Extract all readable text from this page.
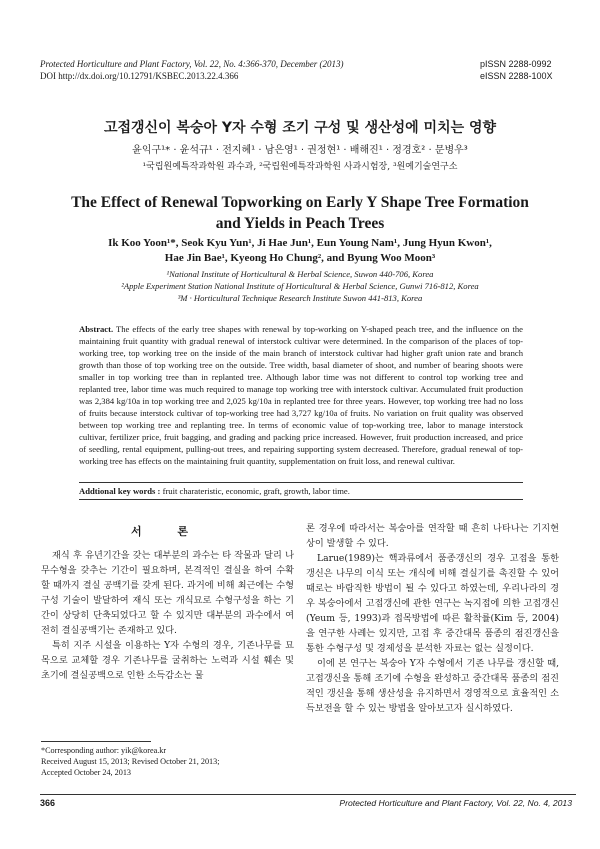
Protected Horticulture and Plant Factory, Vol. 22, No. 4:366-370, December (2013)
DOI http://dx.doi.org/10.12791/KSBEC.2013.22.4.366
pISSN 2288-0992
eISSN 2288-100X
고접갱신이 복숭아 Y자 수형 조기 구성 및 생산성에 미치는 영향
윤익구¹* · 윤석규¹ · 전지혜¹ · 남은영¹ · 권정현¹ · 배해진¹ · 정경호² · 문병우³
¹국립원예특작과학원 과수과, ²국립원예특작과학원 사과시험장, ³원예기술연구소
The Effect of Renewal Topworking on Early Y Shape Tree Formation
and Yields in Peach Trees
Ik Koo Yoon¹*, Seok Kyu Yun¹, Ji Hae Jun¹, Eun Young Nam¹, Jung Hyun Kwon¹,
Hae Jin Bae¹, Kyeong Ho Chung², and Byung Woo Moon³
¹National Institute of Horticultural & Herbal Science, Suwon 440-706, Korea
²Apple Experiment Station National Institute of Horticultural & Herbal Science, Gunwi 716-812, Korea
³M · Horticultural Technique Research Institute Suwon 441-813, Korea
Abstract. The effects of the early tree shapes with renewal by top-working on Y-shaped peach tree, and the influence on the maintaining fruit quantity with gradual renewal of interstock cultivar were determined. In the comparison of the places of top-working tree, top working tree on the inside of the main branch of interstock cultivar had higher graft union rate and branch growth than those of top working tree on the outside. Tree width, basal diameter of shoot, and number of bearing shoots were smaller in top working tree than in replanted tree. Although labor time was not different to control top working tree and replanted tree, labor time was much required to manage top working tree with interstock cultivar. Accumulated fruit production was 2,384 kg/10a in top working tree and 2,025 kg/10a in replanted tree for three years. However, top working tree had no loss of fruits because interstock cultivar of top-working tree had 3,727 kg/10a of fruits. No variation on fruit quality was observed between top working tree and replanting tree. In terms of economic value of top-working tree, labor to manage interstock cultivar, fertilizer price, fruit bagging, and grading and packing price increased. However, fruit production increased, and price of seedling, rental equipment, pulling-out trees, and repairing supporting system decreased. Therefore, gradual renewal of top-working tree has effects on the maintaining fruit quantity, supplementation on fruit loss, and renewal cultivar.
Addtional key words : fruit charateristic, economic, graft, growth, labor time.
서 론

재식 후 유년기간을 갖는 대부분의 과수는 타 작물과 달리 나무수형을 갖추는 기간이 필요하며, 본격적인 결실을 하여 수확할 때까지 결실 공백기를 갖게 된다. 과거에 비해 최근에는 수형구성 기술이 발달하여 재식 또는 개식묘로 수형구성을 하는 기간이 상당히 단축되었다고 할 수 있지만 대부분의 과수에서 여전히 결실공백기는 존재하고 있다.

특히 지주 시설을 이용하는 Y자 수형의 경우, 기존나무를 묘목으로 교체할 경우 기존나무를 굴취하는 노력과 시설 훼손 및 초기에 결실공백으로 인한 소득감소는 물

론 경우에 따라서는 복숭아를 연작할 때 흔히 나타나는 기지현상이 발생할 수 있다.

Larue(1989)는 핵과류에서 품종갱신의 경우 고접을 통한 갱신은 나무의 이식 또는 개식에 비해 결실기를 촉진할 수 있어 때로는 바람직한 방법이 될 수 있다고 하였는데, 우리나라의 경우 복숭아에서 고접갱신에 관한 연구는 녹지접에 의한 고접갱신(Yeum 등, 1993)과 접목방법에 따른 활착률(Kim 등, 2004)을 연구한 사례는 있지만, 고접 후 중간대목 품종의 점진갱신을 통한 수형구성 및 경제성을 분석한 자료는 없는 실정이다.

이에 본 연구는 복숭아 Y자 수형에서 기존 나무를 갱신할 때, 고접갱신을 통해 조기에 수형을 완성하고 중간대목 품종의 점진적인 갱신을 통해 생산성을 유지하면서 경영적으로 효율적인 소득보전을 할 수 있는 방법을 알아보고자 실시하였다.

*Corresponding author: yik@korea.kr
Received August 15, 2013; Revised October 21, 2013;
Accepted October 24, 2013
366	Protected Horticulture and Plant Factory, Vol. 22, No. 4, 2013
